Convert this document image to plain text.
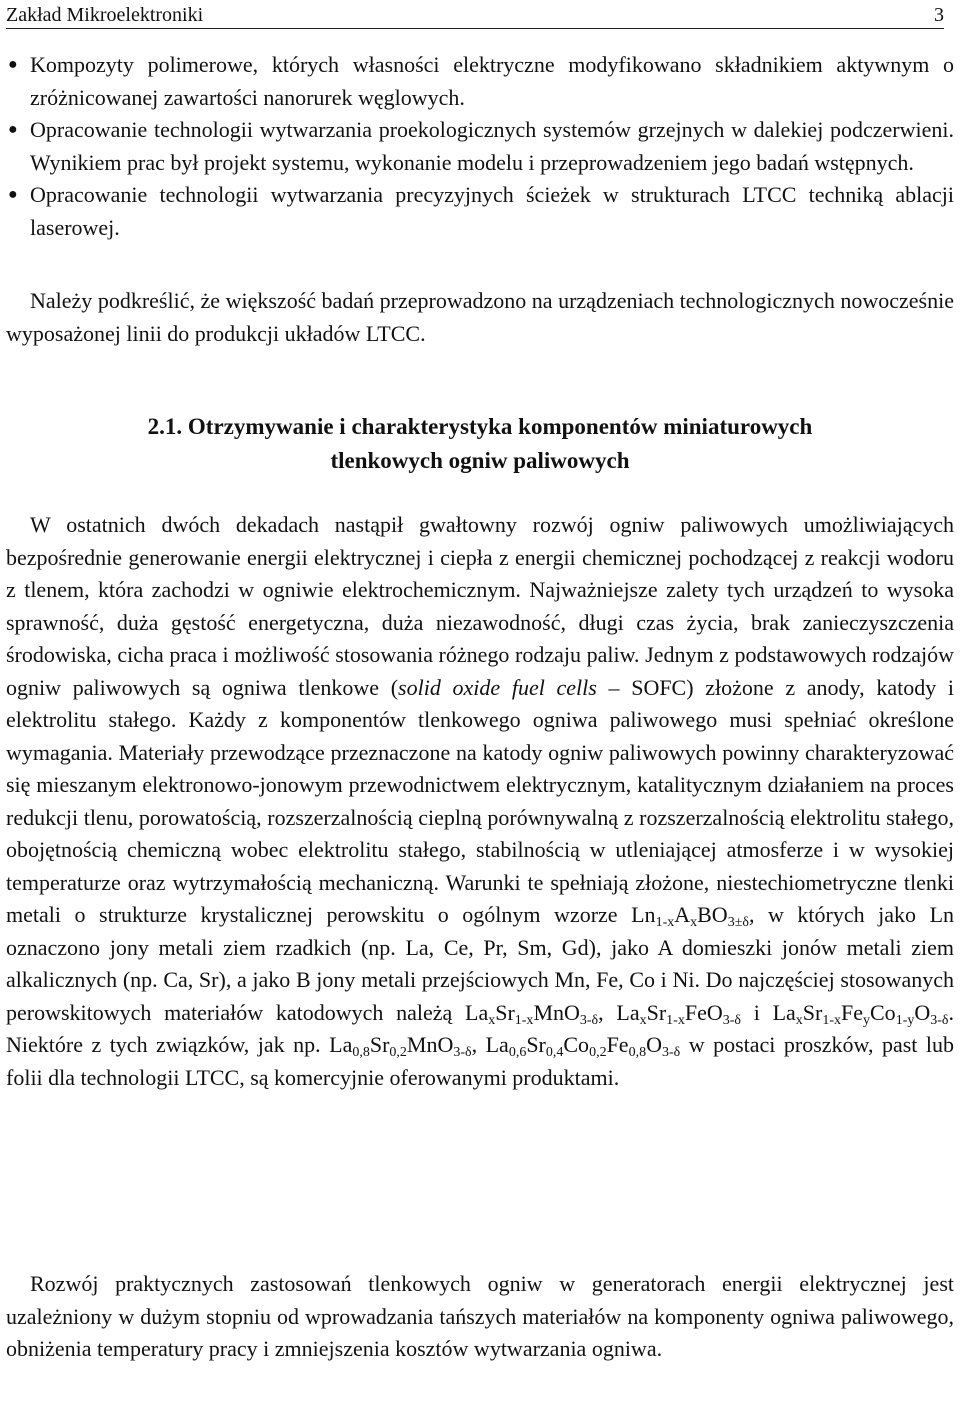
Zakład Mikroelektroniki	3
● Kompozyty polimerowe, których własności elektryczne modyfikowano składnikiem aktywnym o zróżnicowanej zawartości nanorurek węglowych.
● Opracowanie technologii wytwarzania proekologicznych systemów grzejnych w dalekiej podczerwieni. Wynikiem prac był projekt systemu, wykonanie modelu i przeprowadzeniem jego badań wstępnych.
● Opracowanie technologii wytwarzania precyzyjnych ścieżek w strukturach LTCC techniką ablacji laserowej.

Należy podkreślić, że większość badań przeprowadzono na urządzeniach technologicznych nowocześnie wyposażonej linii do produkcji układów LTCC.

2.1. Otrzymywanie i charakterystyka komponentów miniaturowych
tlenkowych ogniw paliwowych

W ostatnich dwóch dekadach nastąpił gwałtowny rozwój ogniw paliwowych umożliwiających bezpośrednie generowanie energii elektrycznej i ciepła z energii chemicznej pochodzącej z reakcji wodoru z tlenem, która zachodzi w ogniwie elektrochemicznym. Najważniejsze zalety tych urządzeń to wysoka sprawność, duża gęstość energetyczna, duża niezawodność, długi czas życia, brak zanieczyszczenia środowiska, cicha praca i możliwość stosowania różnego rodzaju paliw. Jednym z podstawowych rodzajów ogniw paliwowych są ogniwa tlenkowe (solid oxide fuel cells – SOFC) złożone z anody, katody i elektrolitu stałego. Każdy z komponentów tlenkowego ogniwa paliwowego musi spełniać określone wymagania. Materiały przewodzące przeznaczone na katody ogniw paliwowych powinny charakteryzować się mieszanym elektronowo-jonowym przewodnictwem elektrycznym, katalitycznym działaniem na proces redukcji tlenu, porowatością, rozszerzalnością cieplną porównywalną z rozszerzalnością elektrolitu stałego, obojętnością chemiczną wobec elektrolitu stałego, stabilnością w utleniającej atmosferze i w wysokiej temperaturze oraz wytrzymałością mechaniczną. Warunki te spełniają złożone, niestechiometryczne tlenki metali o strukturze krystalicznej perowskitu o ogólnym wzorze $Ln_{1-x}A_xBO_{3\pm\delta}$, w których jako Ln oznaczono jony metali ziem rzadkich (np. La, Ce, Pr, Sm, Gd), jako A domieszki jonów metali ziem alkalicznych (np. Ca, Sr), a jako B jony metali przejściowych Mn, Fe, Co i Ni. Do najczęściej stosowanych perowskitowych materiałów katodowych należą $La_xSr_{1-x}MnO_{3-\delta}$, $La_xSr_{1-x}FeO_{3-\delta}$ i $La_xSr_{1-x}Fe_yCo_{1-y}O_{3-\delta}$. Niektóre z tych związków, jak np. $La_{0,8}Sr_{0,2}MnO_{3-\delta}$, $La_{0,6}Sr_{0,4}Co_{0,2}Fe_{0,8}O_{3-\delta}$ w postaci proszków, past lub folii dla technologii LTCC, są komercyjnie oferowanymi produktami.

Rozwój praktycznych zastosowań tlenkowych ogniw w generatorach energii elektrycznej jest uzależniony w dużym stopniu od wprowadzania tańszych materiałów na komponenty ogniwa paliwowego, obniżenia temperatury pracy i zmniejszenia kosztów wytwarzania ogniwa.
